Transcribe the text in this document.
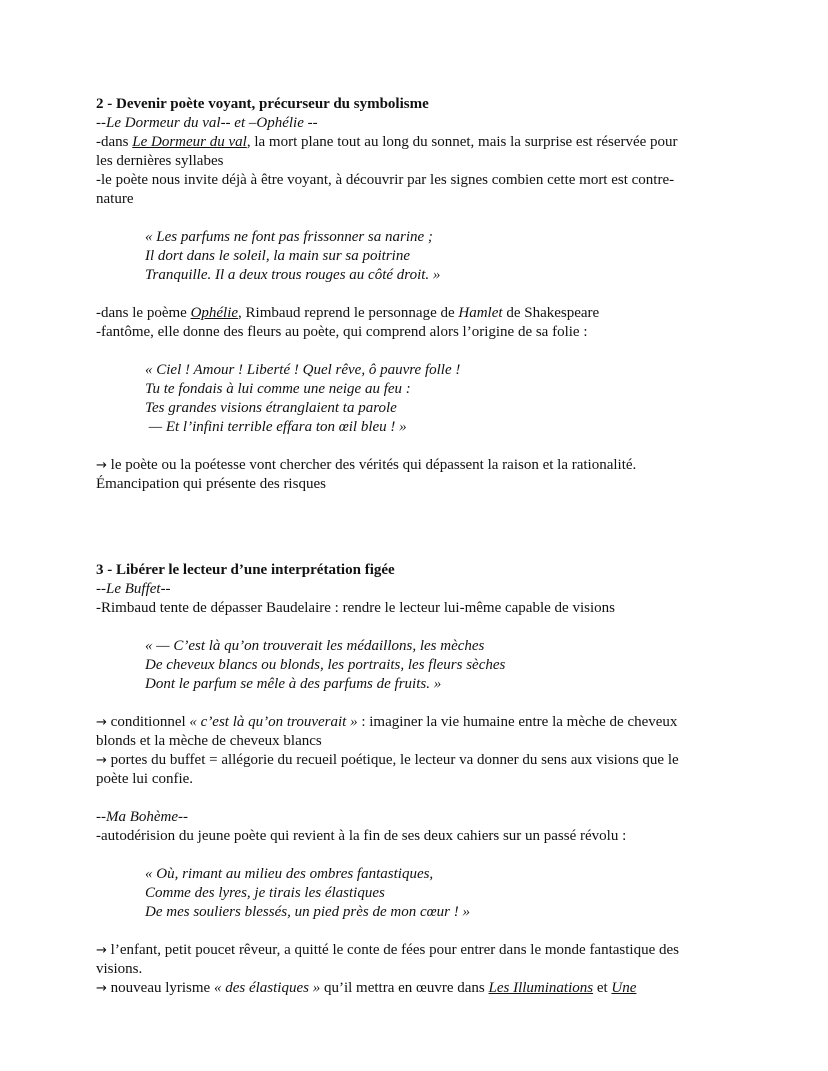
2 - Devenir poète voyant, précurseur du symbolisme
--Le Dormeur du val-- et –Ophélie --
-dans Le Dormeur du val, la mort plane tout au long du sonnet, mais la surprise est réservée pour
les dernières syllabes
-le poète nous invite déjà à être voyant, à découvrir par les signes combien cette mort est contre-
nature
« Les parfums ne font pas frissonner sa narine ;
Il dort dans le soleil, la main sur sa poitrine
Tranquille. Il a deux trous rouges au côté droit. »
-dans le poème Ophélie, Rimbaud reprend le personnage de Hamlet de Shakespeare
-fantôme, elle donne des fleurs au poète, qui comprend alors l’origine de sa folie :
« Ciel ! Amour ! Liberté ! Quel rêve, ô pauvre folle !
Tu te fondais à lui comme une neige au feu :
Tes grandes visions étranglaient ta parole
— Et l’infini terrible effara ton œil bleu ! »
→ le poète ou la poétesse vont chercher des vérités qui dépassent la raison et la rationalité.
Émancipation qui présente des risques
3 - Libérer le lecteur d’une interprétation figée
--Le Buffet--
-Rimbaud tente de dépasser Baudelaire : rendre le lecteur lui-même capable de visions
« — C’est là qu’on trouverait les médaillons, les mèches
De cheveux blancs ou blonds, les portraits, les fleurs sèches
Dont le parfum se mêle à des parfums de fruits. »
→ conditionnel « c’est là qu’on trouverait » : imaginer la vie humaine entre la mèche de cheveux
blonds et la mèche de cheveux blancs
→ portes du buffet = allégorie du recueil poétique, le lecteur va donner du sens aux visions que le
poète lui confie.
--Ma Bohème--
-autodérision du jeune poète qui revient à la fin de ses deux cahiers sur un passé révolu :
« Où, rimant au milieu des ombres fantastiques,
Comme des lyres, je tirais les élastiques
De mes souliers blessés, un pied près de mon cœur ! »
→ l’enfant, petit poucet rêveur, a quitté le conte de fées pour entrer dans le monde fantastique des
visions.
→ nouveau lyrisme « des élastiques » qu’il mettra en œuvre dans Les Illuminations et Une
